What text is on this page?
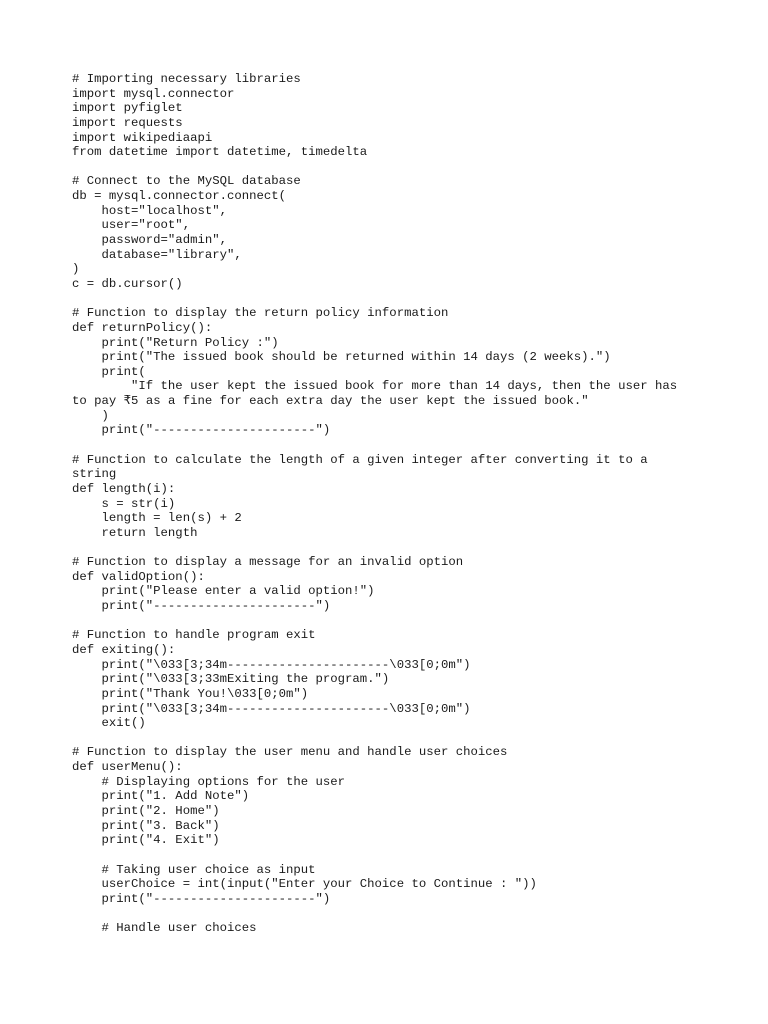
# Importing necessary libraries
import mysql.connector
import pyfiglet
import requests
import wikipediaapi
from datetime import datetime, timedelta
# Connect to the MySQL database
db = mysql.connector.connect(
host="localhost",
user="root",
password="admin",
database="library",
)
c = db.cursor()
# Function to display the return policy information
def returnPolicy():
print("Return Policy :")
print("The issued book should be returned within 14 days (2 weeks).")
print(
"If the user kept the issued book for more than 14 days, then the user has
to pay ₹5 as a fine for each extra day the user kept the issued book."
)
print("----------------------")
# Function to calculate the length of a given integer after converting it to a
string
def length(i):
s = str(i)
length = len(s) + 2
return length
# Function to display a message for an invalid option
def validOption():
print("Please enter a valid option!")
print("----------------------")
# Function to handle program exit
def exiting():
print("\033[3;34m----------------------\033[0;0m")
print("\033[3;33mExiting the program.")
print("Thank You!\033[0;0m")
print("\033[3;34m----------------------\033[0;0m")
exit()
# Function to display the user menu and handle user choices
def userMenu():
# Displaying options for the user
print("1. Add Note")
print("2. Home")
print("3. Back")
print("4. Exit")
# Taking user choice as input
userChoice = int(input("Enter your Choice to Continue : "))
print("----------------------")
# Handle user choices
